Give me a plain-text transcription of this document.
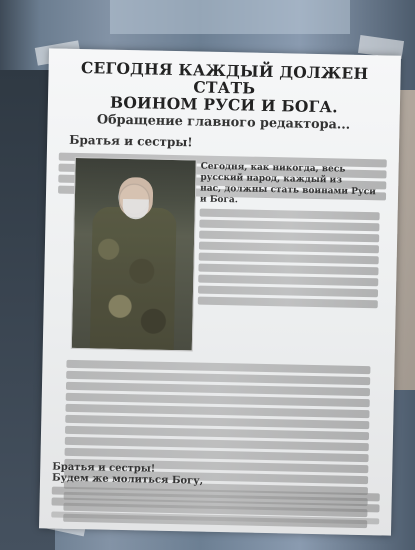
СЕГОДНЯ КАЖДЫЙ ДОЛЖЕН СТАТЬ
ВОИНОМ РУСИ И БОГА.
Обращение главного редактора...
Братья и сестры!
Сегодня, как никогда, весь русский народ, каждый из
нас, должны стать воинами Руси и Бога.
Братья и сестры!
Будем же молиться Богу,
